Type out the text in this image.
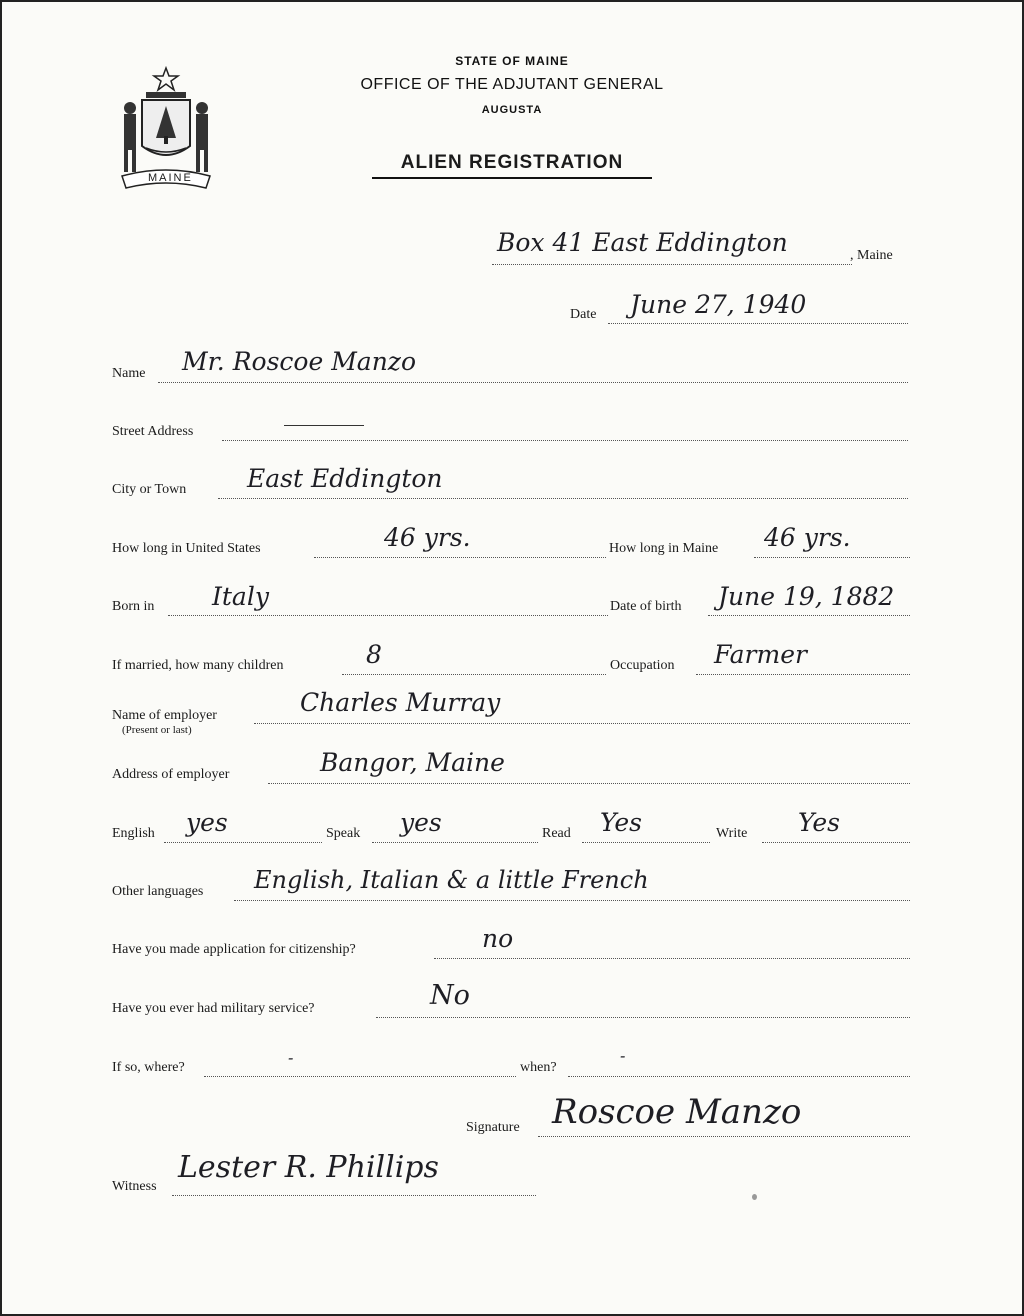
MAINE
STATE OF MAINE
OFFICE OF THE ADJUTANT GENERAL
AUGUSTA
ALIEN REGISTRATION
Box 41 East Eddington	, Maine
Date June 27, 1940
Name Mr. Roscoe Manzo
Street Address
City or Town East Eddington
How long in United States	46 yrs.	How long in Maine 46 yrs.
Born in Italy	Date of birth June 19, 1882
If married, how many children	8	Occupation Farmer
Name of employer
(Present or last)
Charles Murray
Address of employer	Bangor, Maine
English yes	Speak yes	Read Yes	Write Yes
Other languages English, Italian & a little French
Have you made application for citizenship?	no
Have you ever had military service?	No
If so, where?
-
when?
-
Signature Roscoe Manzo
Witness
Lester R. Phillips
